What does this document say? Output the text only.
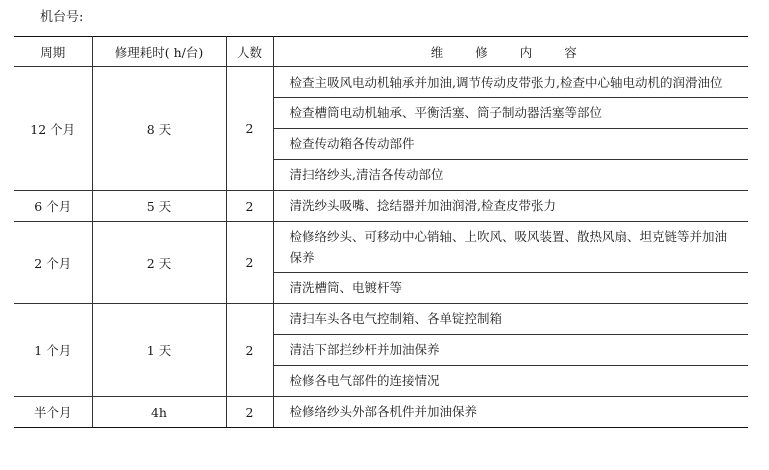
机台号:
周期	修理耗时( h/台)	人数	维 修 内 容
12 个月	8 天	2	检查主吸风电动机轴承并加油,调节传动皮带张力,检查中心轴电动机的润滑油位
			检查槽筒电动机轴承、平衡活塞、筒子制动器活塞等部位
			检查传动箱各传动部件
			清扫络纱头,清洁各传动部位
6 个月	5 天	2	清洗纱头吸嘴、捻结器并加油润滑,检查皮带张力
2 个月	2 天	2	检修络纱头、可移动中心销轴、上吹风、吸风装置、散热风扇、坦克链等并加油保养
			清洗槽筒、电镀杆等
1 个月	1 天	2	清扫车头各电气控制箱、各单锭控制箱
			清洁下部拦纱杆并加油保养
			检修各电气部件的连接情况
半个月	4h	2	检修络纱头外部各机件并加油保养
